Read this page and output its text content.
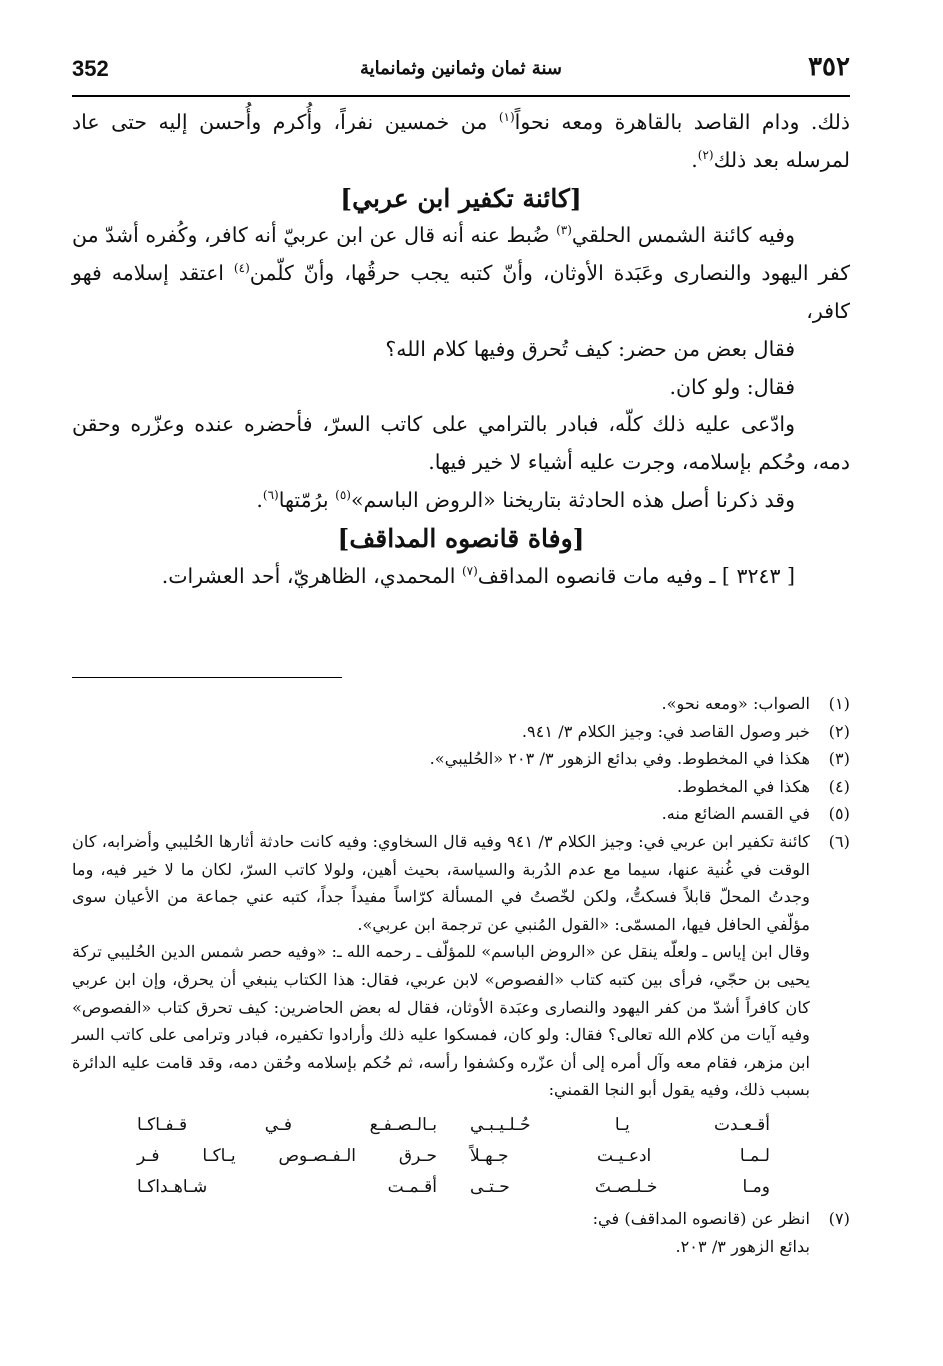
352	سنة ثمان وثمانين وثمانماية	٣٥٢

ذلك. ودام القاصد بالقاهرة ومعه نحواً$^{(١)}$ من خمسين نفراً، وأُكرم وأُحسن إليه حتى عاد لمرسله بعد ذلك$^{(٢)}$.

[كائنة تكفير ابن عربي]

وفيه كائنة الشمس الحلقي$^{(٣)}$ ضُبط عنه أنه قال عن ابن عربيّ أنه كافر، وكُفره أشدّ من كفر اليهود والنصارى وعَبَدة الأوثان، وأنّ كتبه يجب حرقُها، وأنّ كلّمن$^{(٤)}$ اعتقد إسلامه فهو كافر،

فقال بعض من حضر: كيف تُحرق وفيها كلام الله؟

فقال: ولو كان.

وادّعى عليه ذلك كلّه، فبادر بالترامي على كاتب السرّ، فأحضره عنده وعزّره وحقن دمه، وحُكم بإسلامه، وجرت عليه أشياء لا خير فيها.

وقد ذكرنا أصل هذه الحادثة بتاريخنا «الروض الباسم»$^{(٥)}$ برُمّتها$^{(٦)}$.

[وفاة قانصوه المداقف]

[ ٣٢٤٣ ] ـ وفيه مات قانصوه المداقف$^{(٧)}$ المحمدي، الظاهريّ، أحد العشرات.

(١)
الصواب: «ومعه نحو».
(٢)
خبر وصول القاصد في: وجيز الكلام ٣/ ٩٤١.
(٣)
هكذا في المخطوط. وفي بدائع الزهور ٣/ ٢٠٣ «الحُليبي».
(٤)
هكذا في المخطوط.
(٥)
في القسم الضائع منه.
(٦)

كائنة تكفير ابن عربي في: وجيز الكلام ٣/ ٩٤١ وفيه قال السخاوي: وفيه كانت حادثة أثارها الحُليبي وأضرابه، كان الوقت في غُنية عنها، سيما مع عدم الدُربة والسياسة، بحيث أهين، ولولا كاتب السرّ، لكان ما لا خير فيه، وما وجدتُ المحلّ قابلاً فسكتُّ، ولكن لخّصتُ في المسألة كرّاساً مفيداً جداً، كتبه عني جماعة من الأعيان سوى مؤلّفي الحافل فيها، المسمّى: «القول المُنبي عن ترجمة ابن عربي».

وقال ابن إياس ـ ولعلّه ينقل عن «الروض الباسم» للمؤلّف ـ رحمه الله ـ: «وفيه حصر شمس الدين الحُليبي تركة يحيى بن حجّي، فرأى بين كتبه كتاب «الفصوص» لابن عربي، فقال: هذا الكتاب ينبغي أن يحرق، وإن ابن عربي كان كافراً أشدّ من كفر اليهود والنصارى وعبَدة الأوثان، فقال له بعض الحاضرين: كيف تحرق كتاب «الفصوص» وفيه آيات من كلام الله تعالى؟ فقال: ولو كان، فمسكوا عليه ذلك وأرادوا تكفيره، فبادر وترامى على كاتب السر ابن مزهر، فقام معه وآل أمره إلى أن عزّره وكشفوا رأسه، ثم حُكم بإسلامه وحُقن دمه، وقد قامت عليه الدائرة بسبب ذلك، وفيه يقول أبو النجا القمني:

أقـعـدت يـا حُـلـيـبـي
بـالـصـفـع فـي قـفـاكـا
لـمـا ادعـيـت جـهـلاً
حـرق الـفـصـوص يـاكـا فـر
ومـا خـلـصـتَ حـتـى
أقـمـت شـاهـداكـا
(٧)

انظر عن (قانصوه المداقف) في:

بدائع الزهور ٣/ ٢٠٣.
